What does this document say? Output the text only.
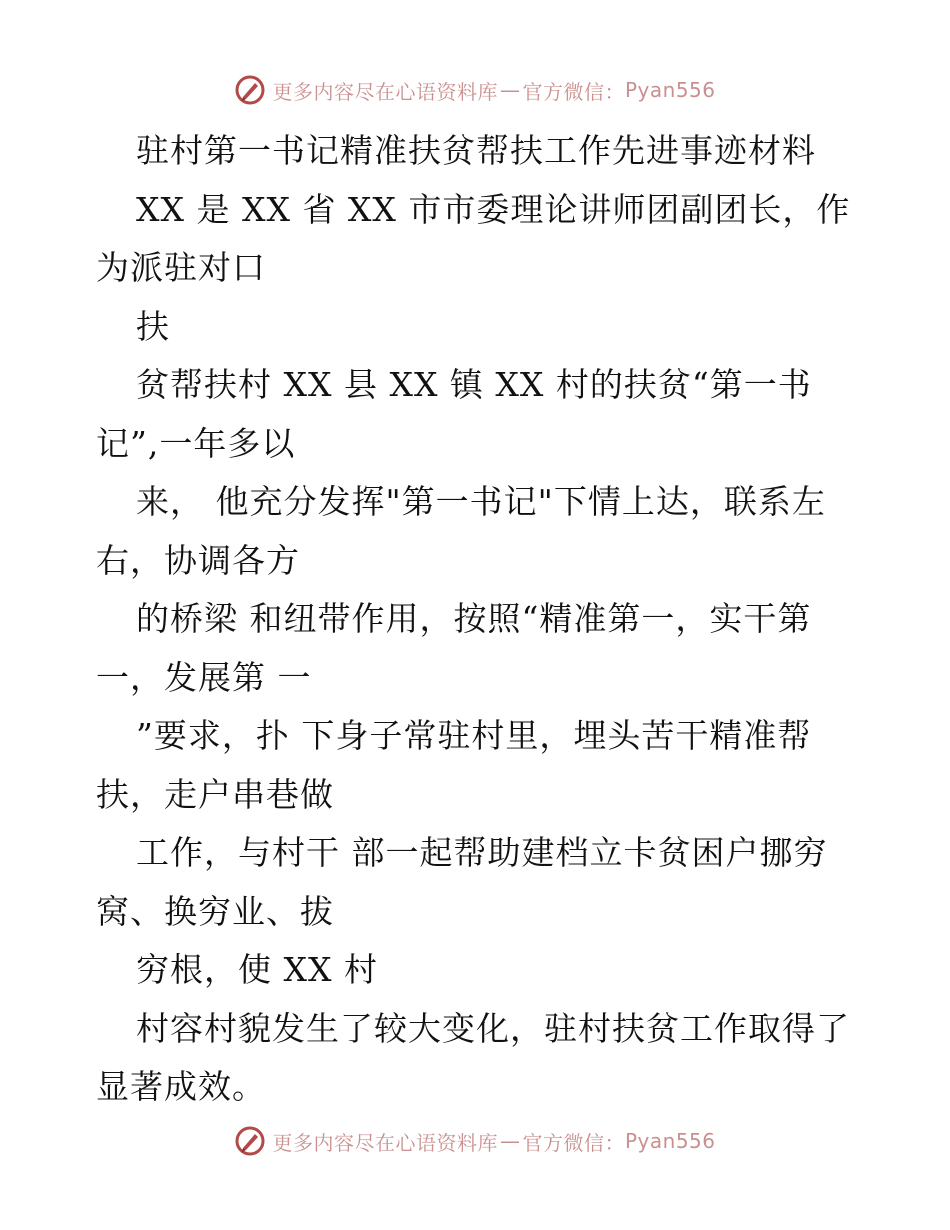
更多内容尽在心语资料库 — 官方微信： Pyan556
驻村第一书记精准扶贫帮扶工作先进事迹材料
XX 是 XX 省 XX 市市委理论讲师团副团长，作
为派驻对口
扶
贫帮扶村 XX 县 XX 镇 XX 村的扶贫“第一书
记”,一年多以
来， 他充分发挥"第一书记"下情上达，联系左
右，协调各方
的桥梁 和纽带作用，按照“精准第一，实干第
一，发展第 一
”要求，扑 下身子常驻村里，埋头苦干精准帮
扶，走户串巷做
工作，与村干 部一起帮助建档立卡贫困户挪穷
窝、换穷业、拔
穷根，使 XX 村
村容村貌发生了较大变化，驻村扶贫工作取得了
显著成效。
更多内容尽在心语资料库 — 官方微信： Pyan556
